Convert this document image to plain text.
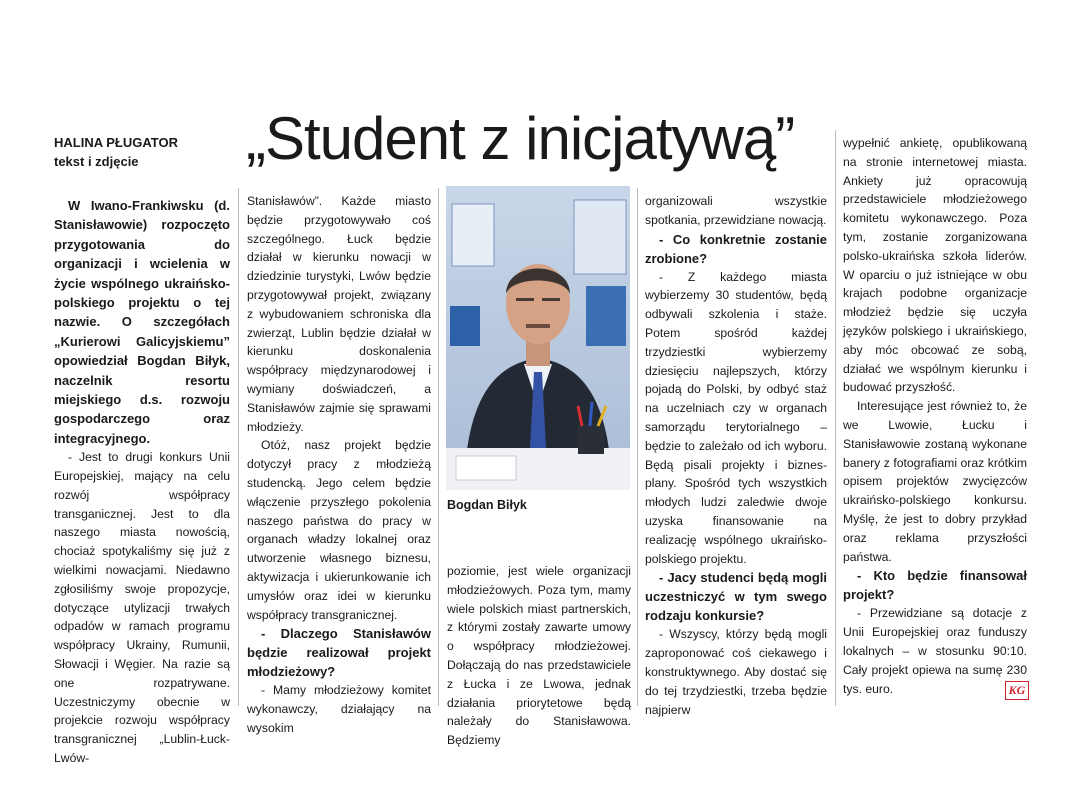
HALINA PŁUGATOR
tekst i zdjęcie	„Student z inicjatywą”

W Iwano-Frankiwsku (d. Stanisławowie) rozpoczęto przygotowania do organizacji i wcielenia w życie wspólnego ukraińsko-polskiego projektu o tej nazwie. O szczegółach „Kurierowi Galicyjskiemu” opowiedział Bogdan Biłyk, naczelnik resortu miejskiego d.s. rozwoju gospodarczego oraz integracyjnego.

- Jest to drugi konkurs Unii Europejskiej, mający na celu rozwój współpracy transganicznej. Jest to dla naszego miasta nowością, chociaż spotykaliśmy się już z wielkimi nowacjami. Niedawno zgłosiliśmy swoje propozycje, dotyczące utylizacji trwałych odpadów w ramach programu współpracy Ukrainy, Rumunii, Słowacji i Węgier. Na razie są one rozpatrywane. Uczestniczymy obecnie w projekcie rozwoju współpracy transgranicznej „Lublin-Łuck-Lwów-

Stanisławów”. Każde miasto będzie przygotowywało coś szczególnego. Łuck będzie działał w kierunku nowacji w dziedzinie turystyki, Lwów będzie przygotowywał projekt, związany z wybudowaniem schroniska dla zwierząt, Lublin będzie działał w kierunku doskonalenia współpracy międzynarodowej i wymiany doświadczeń, a Stanisławów zajmie się sprawami młodzieży.

Otóż, nasz projekt będzie dotyczył pracy z młodzieżą studencką. Jego celem będzie włączenie przyszłego pokolenia naszego państwa do pracy w organach władzy lokalnej oraz utworzenie własnego biznesu, aktywizacja i ukierunkowanie ich umysłów oraz idei w kierunku współpracy transgranicznej.

- Dlaczego Stanisławów będzie realizował projekt młodzieżowy?

- Mamy młodzieżowy komitet wykonawczy, działający na wysokim

Bogdan Biłyk

poziomie, jest wiele organizacji młodzieżowych. Poza tym, mamy wiele polskich miast partnerskich, z którymi zostały zawarte umowy o współpracy młodzieżowej. Dołączają do nas przedstawiciele z Łucka i ze Lwowa, jednak działania priorytetowe będą należały do Stanisławowa. Będziemy

organizowali wszystkie spotkania, przewidziane nowacją.

- Co konkretnie zostanie zrobione?

- Z każdego miasta wybierzemy 30 studentów, będą odbywali szkolenia i staże. Potem spośród każdej trzydziestki wybierzemy dziesięciu najlepszych, którzy pojadą do Polski, by odbyć staż na uczelniach czy w organach samorządu terytorialnego – będzie to zależało od ich wyboru. Będą pisali projekty i biznes-plany. Spośród tych wszystkich młodych ludzi zaledwie dwoje uzyska finansowanie na realizację wspólnego ukraińsko-polskiego projektu.

- Jacy studenci będą mogli uczestniczyć w tym swego rodzaju konkursie?

- Wszyscy, którzy będą mogli zaproponować coś ciekawego i konstruktywnego. Aby dostać się do tej trzydziestki, trzeba będzie najpierw

wypełnić ankietę, opublikowaną na stronie internetowej miasta. Ankiety już opracowują przedstawiciele młodzieżowego komitetu wykonawczego. Poza tym, zostanie zorganizowana polsko-ukraińska szkoła liderów. W oparciu o już istniejące w obu krajach podobne organizacje młodzież będzie się uczyła języków polskiego i ukraińskiego, aby móc obcować ze sobą, działać we wspólnym kierunku i budować przyszłość.

Interesujące jest również to, że we Lwowie, Łucku i Stanisławowie zostaną wykonane banery z fotografiami oraz krótkim opisem projektów zwycięzców ukraińsko-polskiego konkursu. Myślę, że jest to dobry przykład oraz reklama przyszłości państwa.

- Kto będzie finansował projekt?

- Przewidziane są dotacje z Unii Europejskiej oraz funduszy lokalnych – w stosunku 90:10. Cały projekt opiewa na sumę 230 tys. euro.	KG
